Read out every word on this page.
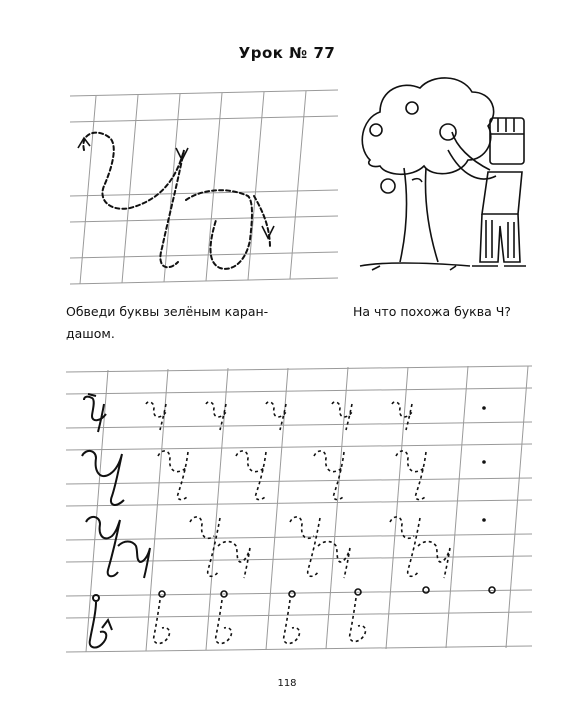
Урок № 77
Обведи буквы зелёным каран-
дашом.
На что похожа буква Ч?
118
